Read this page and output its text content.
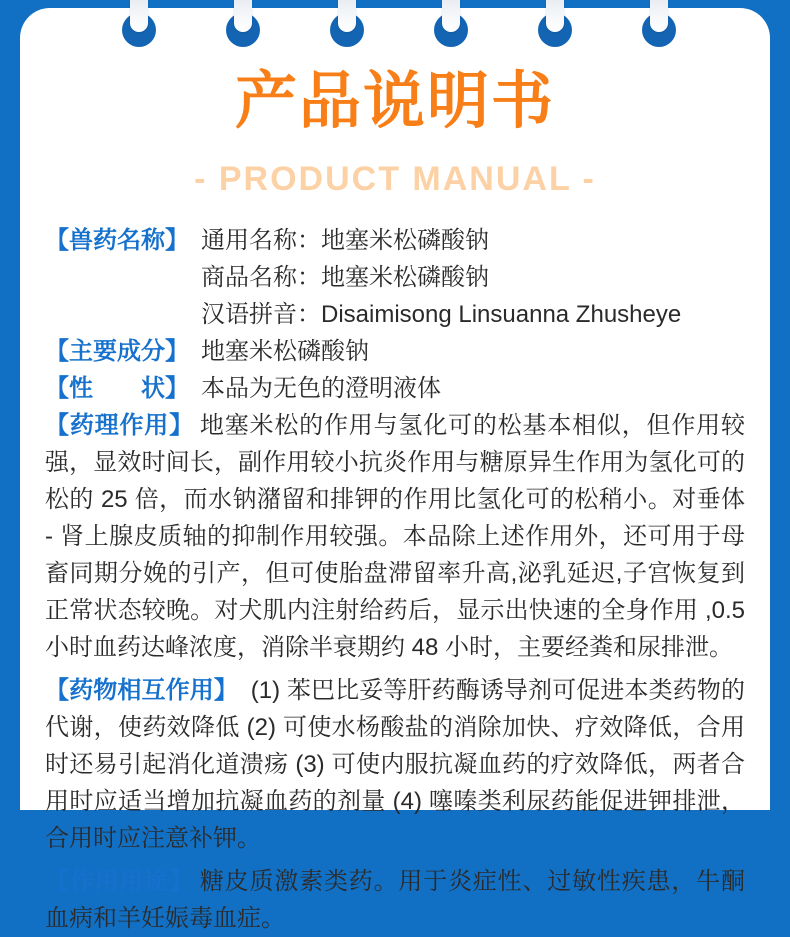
产品说明书
- PRODUCT MANUAL -
【兽药名称】 通用名称：地塞米松磷酸钠
商品名称：地塞米松磷酸钠
汉语拼音：Disaimisong Linsuanna Zhusheye
【主要成分】 地塞米松磷酸钠
【性　　状】 本品为无色的澄明液体

【药理作用】 地塞米松的作用与氢化可的松基本相似，但作用较强，显效时间长，副作用较小抗炎作用与糖原异生作用为氢化可的松的 25 倍，而水钠潴留和排钾的作用比氢化可的松稍小。对垂体 - 肾上腺皮质轴的抑制作用较强。本品除上述作用外，还可用于母畜同期分娩的引产，但可使胎盘滞留率升高,泌乳延迟,子宫恢复到正常状态较晚。对犬肌内注射给药后，显示出快速的全身作用 ,0.5 小时血药达峰浓度，消除半衰期约 48 小时，主要经粪和尿排泄。

【药物相互作用】 (1) 苯巴比妥等肝药酶诱导剂可促进本类药物的代谢，使药效降低 (2) 可使水杨酸盐的消除加快、疗效降低，合用时还易引起消化道溃疡 (3) 可使内服抗凝血药的疗效降低，两者合用时应适当增加抗凝血药的剂量 (4) 噻嗪类利尿药能促进钾排泄，合用时应注意补钾。

【作用用途】 糖皮质激素类药。用于炎症性、过敏性疾患，牛酮血病和羊妊娠毒血症。
